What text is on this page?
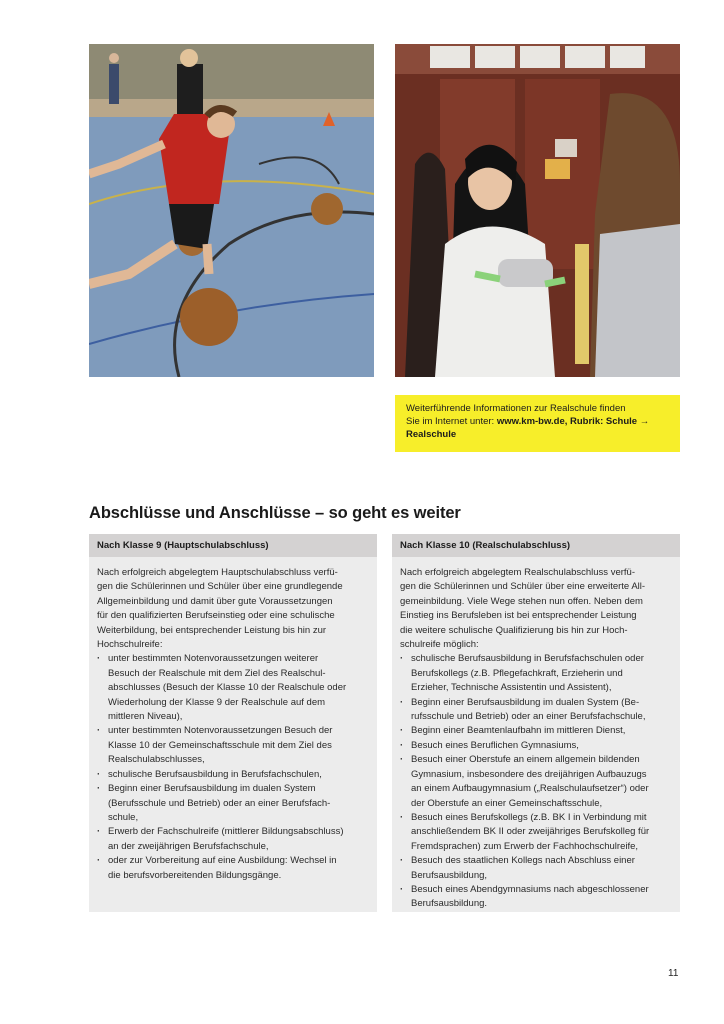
Weiterführende Informationen zur Realschule finden
Sie im Internet unter: www.km-bw.de, Rubrik: Schule →
Realschule
Abschlüsse und Anschlüsse – so geht es weiter
Nach Klasse 9 (Hauptschulabschluss)
Nach erfolgreich abgelegtem Hauptschulabschluss verfü-
gen die Schülerinnen und Schüler über eine grundlegende
Allgemeinbildung und damit über gute Voraussetzungen
für den qualifizierten Berufseinstieg oder eine schulische
Weiterbildung, bei entsprechender Leistung bis hin zur
Hochschulreife:
· unter bestimmten Notenvoraussetzungen weiterer
Besuch der Realschule mit dem Ziel des Realschul-
abschlusses (Besuch der Klasse 10 der Realschule oder
Wiederholung der Klasse 9 der Realschule auf dem
mittleren Niveau),
· unter bestimmten Notenvoraussetzungen Besuch der
Klasse 10 der Gemeinschaftsschule mit dem Ziel des
Realschulabschlusses,
· schulische Berufsausbildung in Berufsfachschulen,
· Beginn einer Berufsausbildung im dualen System
(Berufsschule und Betrieb) oder an einer Berufsfach-
schule,
· Erwerb der Fachschulreife (mittlerer Bildungsabschluss)
an der zweijährigen Berufsfachschule,
· oder zur Vorbereitung auf eine Ausbildung: Wechsel in
die berufsvorbereitenden Bildungsgänge.
Nach Klasse 10 (Realschulabschluss)
Nach erfolgreich abgelegtem Realschulabschluss verfü-
gen die Schülerinnen und Schüler über eine erweiterte All-
gemeinbildung. Viele Wege stehen nun offen. Neben dem
Einstieg ins Berufsleben ist bei entsprechender Leistung
die weitere schulische Qualifizierung bis hin zur Hoch-
schulreife möglich:
· schulische Berufsausbildung in Berufsfachschulen oder
Berufskollegs (z.B. Pflegefachkraft, Erzieherin und
Erzieher, Technische Assistentin und Assistent),
· Beginn einer Berufsausbildung im dualen System (Be-
rufsschule und Betrieb) oder an einer Berufsfachschule,
· Beginn einer Beamtenlaufbahn im mittleren Dienst,
· Besuch eines Beruflichen Gymnasiums,
· Besuch einer Oberstufe an einem allgemein bildenden
Gymnasium, insbesondere des dreijährigen Aufbauzugs
an einem Aufbaugymnasium („Realschulaufsetzer“) oder
der Oberstufe an einer Gemeinschaftsschule,
· Besuch eines Berufskollegs (z.B. BK I in Verbindung mit
anschließendem BK II oder zweijähriges Berufskolleg für
Fremdsprachen) zum Erwerb der Fachhochschulreife,
· Besuch des staatlichen Kollegs nach Abschluss einer
Berufsausbildung,
· Besuch eines Abendgymnasiums nach abgeschlossener
Berufsausbildung.
11
